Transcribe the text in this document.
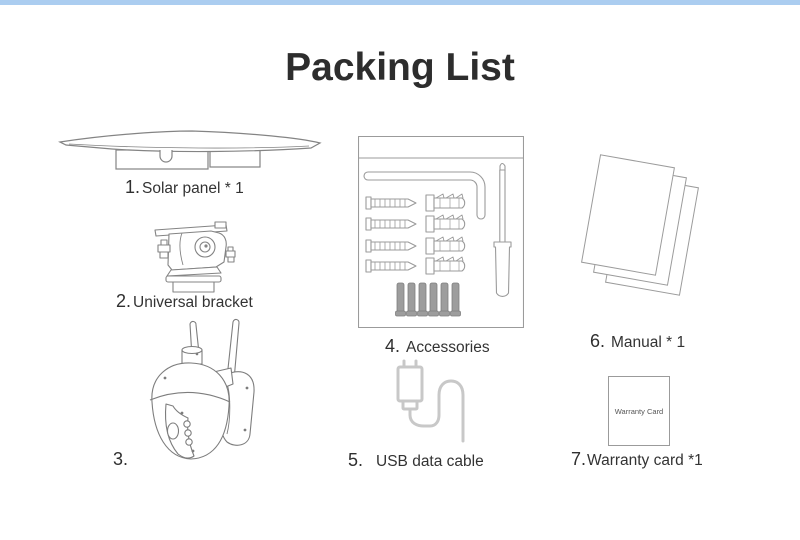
Packing List
1. Solar panel * 1
2. Universal bracket
3.
4. Accessories
5. USB data cable
6. Manual * 1
Warranty Card
7. Warranty card *1
